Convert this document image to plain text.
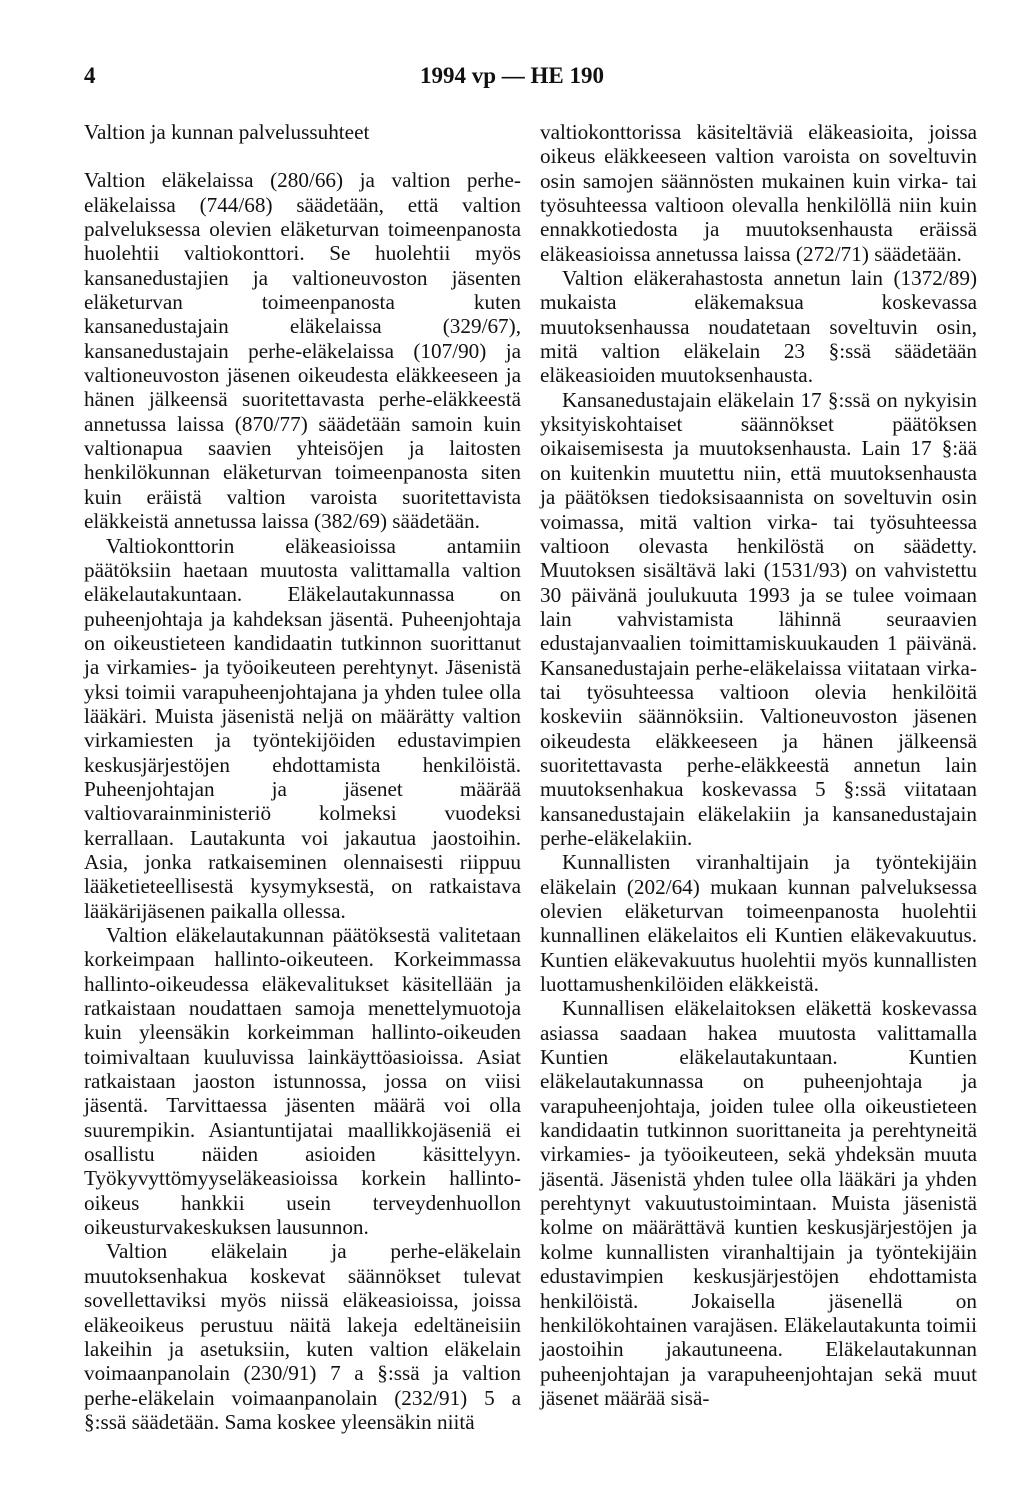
4	1994 vp — HE 190

Valtion ja kunnan palvelussuhteet

Valtion eläkelaissa (280/66) ja valtion perhe-eläkelaissa (744/68) säädetään, että valtion palveluksessa olevien eläketurvan toimeenpanosta huolehtii valtiokonttori. Se huolehtii myös kansanedustajien ja valtioneuvoston jäsenten eläketurvan toimeenpanosta kuten kansanedustajain eläkelaissa (329/67), kansanedustajain perhe-eläkelaissa (107/90) ja valtioneuvoston jäsenen oikeudesta eläkkeeseen ja hänen jälkeensä suoritettavasta perhe-eläkkeestä annetussa laissa (870/77) säädetään samoin kuin valtionapua saavien yhteisöjen ja laitosten henkilökunnan eläketurvan toimeenpanosta siten kuin eräistä valtion varoista suoritettavista eläkkeistä annetussa laissa (382/69) säädetään.

Valtiokonttorin eläkeasioissa antamiin päätöksiin haetaan muutosta valittamalla valtion eläkelautakuntaan. Eläkelautakunnassa on puheenjohtaja ja kahdeksan jäsentä. Puheenjohtaja on oikeustieteen kandidaatin tutkinnon suorittanut ja virkamies- ja työoikeuteen perehtynyt. Jäsenistä yksi toimii varapuheenjohtajana ja yhden tulee olla lääkäri. Muista jäsenistä neljä on määrätty valtion virkamiesten ja työntekijöiden edustavimpien keskusjärjestöjen ehdottamista henkilöistä. Puheenjohtajan ja jäsenet määrää valtiovarainministeriö kolmeksi vuodeksi kerrallaan. Lautakunta voi jakautua jaostoihin. Asia, jonka ratkaiseminen olennaisesti riippuu lääketieteellisestä kysymyksestä, on ratkaistava lääkärijäsenen paikalla ollessa.

Valtion eläkelautakunnan päätöksestä valitetaan korkeimpaan hallinto-oikeuteen. Korkeimmassa hallinto-oikeudessa eläkevalitukset käsitellään ja ratkaistaan noudattaen samoja menettelymuotoja kuin yleensäkin korkeimman hallinto-oikeuden toimivaltaan kuuluvissa lainkäyttöasioissa. Asiat ratkaistaan jaoston istunnossa, jossa on viisi jäsentä. Tarvittaessa jäsenten määrä voi olla suurempikin. Asiantuntijatai maallikkojäseniä ei osallistu näiden asioiden käsittelyyn. Työkyvyttömyyseläkeasioissa korkein hallinto-oikeus hankkii usein terveydenhuollon oikeusturvakeskuksen lausunnon.

Valtion eläkelain ja perhe-eläkelain muutoksenhakua koskevat säännökset tulevat sovellettaviksi myös niissä eläkeasioissa, joissa eläkeoikeus perustuu näitä lakeja edeltäneisiin lakeihin ja asetuksiin, kuten valtion eläkelain voimaanpanolain (230/91) 7 a §:ssä ja valtion perhe-eläkelain voimaanpanolain (232/91) 5 a §:ssä säädetään. Sama koskee yleensäkin niitä

valtiokonttorissa käsiteltäviä eläkeasioita, joissa oikeus eläkkeeseen valtion varoista on soveltuvin osin samojen säännösten mukainen kuin virka- tai työsuhteessa valtioon olevalla henkilöllä niin kuin ennakkotiedosta ja muutoksenhausta eräissä eläkeasioissa annetussa laissa (272/71) säädetään.

Valtion eläkerahastosta annetun lain (1372/89) mukaista eläkemaksua koskevassa muutoksenhaussa noudatetaan soveltuvin osin, mitä valtion eläkelain 23 §:ssä säädetään eläkeasioiden muutoksenhausta.

Kansanedustajain eläkelain 17 §:ssä on nykyisin yksityiskohtaiset säännökset päätöksen oikaisemisesta ja muutoksenhausta. Lain 17 §:ää on kuitenkin muutettu niin, että muutoksenhausta ja päätöksen tiedoksisaannista on soveltuvin osin voimassa, mitä valtion virka- tai työsuhteessa valtioon olevasta henkilöstä on säädetty. Muutoksen sisältävä laki (1531/93) on vahvistettu 30 päivänä joulukuuta 1993 ja se tulee voimaan lain vahvistamista lähinnä seuraavien edustajanvaalien toimittamiskuukauden 1 päivänä. Kansanedustajain perhe-eläkelaissa viitataan virka- tai työsuhteessa valtioon olevia henkilöitä koskeviin säännöksiin. Valtioneuvoston jäsenen oikeudesta eläkkeeseen ja hänen jälkeensä suoritettavasta perhe-eläkkeestä annetun lain muutoksenhakua koskevassa 5 §:ssä viitataan kansanedustajain eläkelakiin ja kansanedustajain perhe-eläkelakiin.

Kunnallisten viranhaltijain ja työntekijäin eläkelain (202/64) mukaan kunnan palveluksessa olevien eläketurvan toimeenpanosta huolehtii kunnallinen eläkelaitos eli Kuntien eläkevakuutus. Kuntien eläkevakuutus huolehtii myös kunnallisten luottamushenkilöiden eläkkeistä.

Kunnallisen eläkelaitoksen eläkettä koskevassa asiassa saadaan hakea muutosta valittamalla Kuntien eläkelautakuntaan. Kuntien eläkelautakunnassa on puheenjohtaja ja varapuheenjohtaja, joiden tulee olla oikeustieteen kandidaatin tutkinnon suorittaneita ja perehtyneitä virkamies- ja työoikeuteen, sekä yhdeksän muuta jäsentä. Jäsenistä yhden tulee olla lääkäri ja yhden perehtynyt vakuutustoimintaan. Muista jäsenistä kolme on määrättävä kuntien keskusjärjestöjen ja kolme kunnallisten viranhaltijain ja työntekijäin edustavimpien keskusjärjestöjen ehdottamista henkilöistä. Jokaisella jäsenellä on henkilökohtainen varajäsen. Eläkelautakunta toimii jaostoihin jakautuneena. Eläkelautakunnan puheenjohtajan ja varapuheenjohtajan sekä muut jäsenet määrää sisä-
